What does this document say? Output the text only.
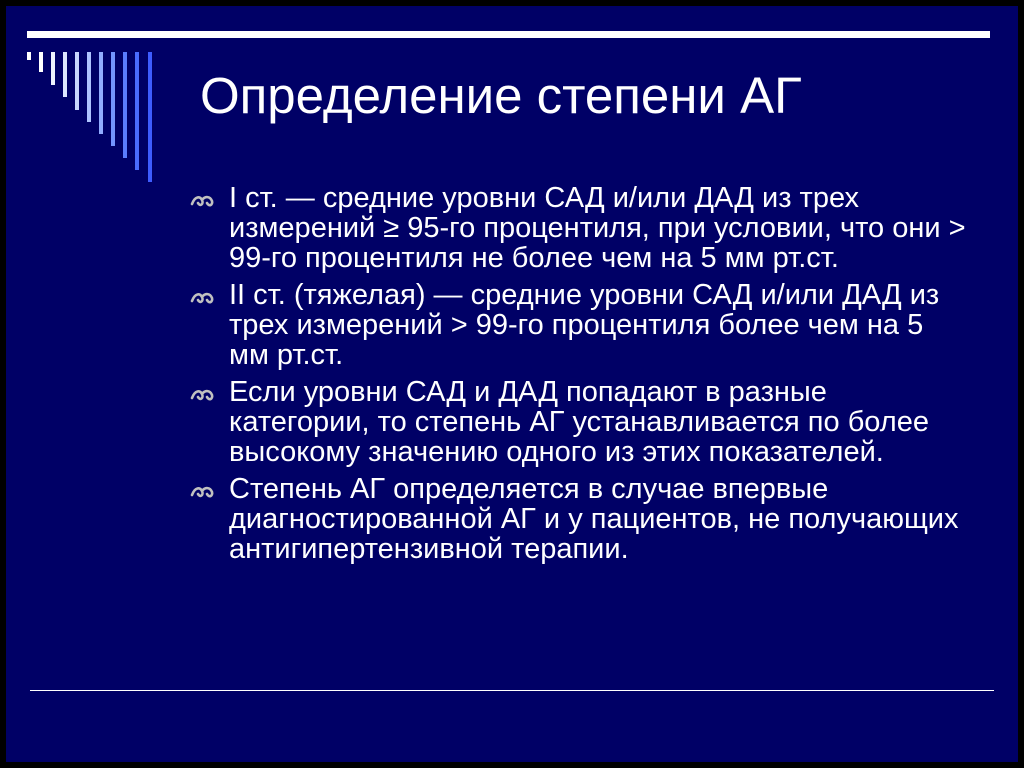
Определение степени АГ
I ст. — средние уровни САД и/или ДАД из трех измерений ≥ 95-го процентиля, при условии, что они > 99-го процентиля не более чем на 5 мм рт.ст.
II ст. (тяжелая) — средние уровни САД и/или ДАД из трех измерений > 99-го процентиля более чем на 5 мм рт.ст.
Если уровни САД и ДАД попадают в разные категории, то степень АГ устанавливается по более высокому значению одного из этих показателей.
Степень АГ определяется в случае впервые диагностированной АГ и у пациентов, не получающих антигипертензивной терапии.
